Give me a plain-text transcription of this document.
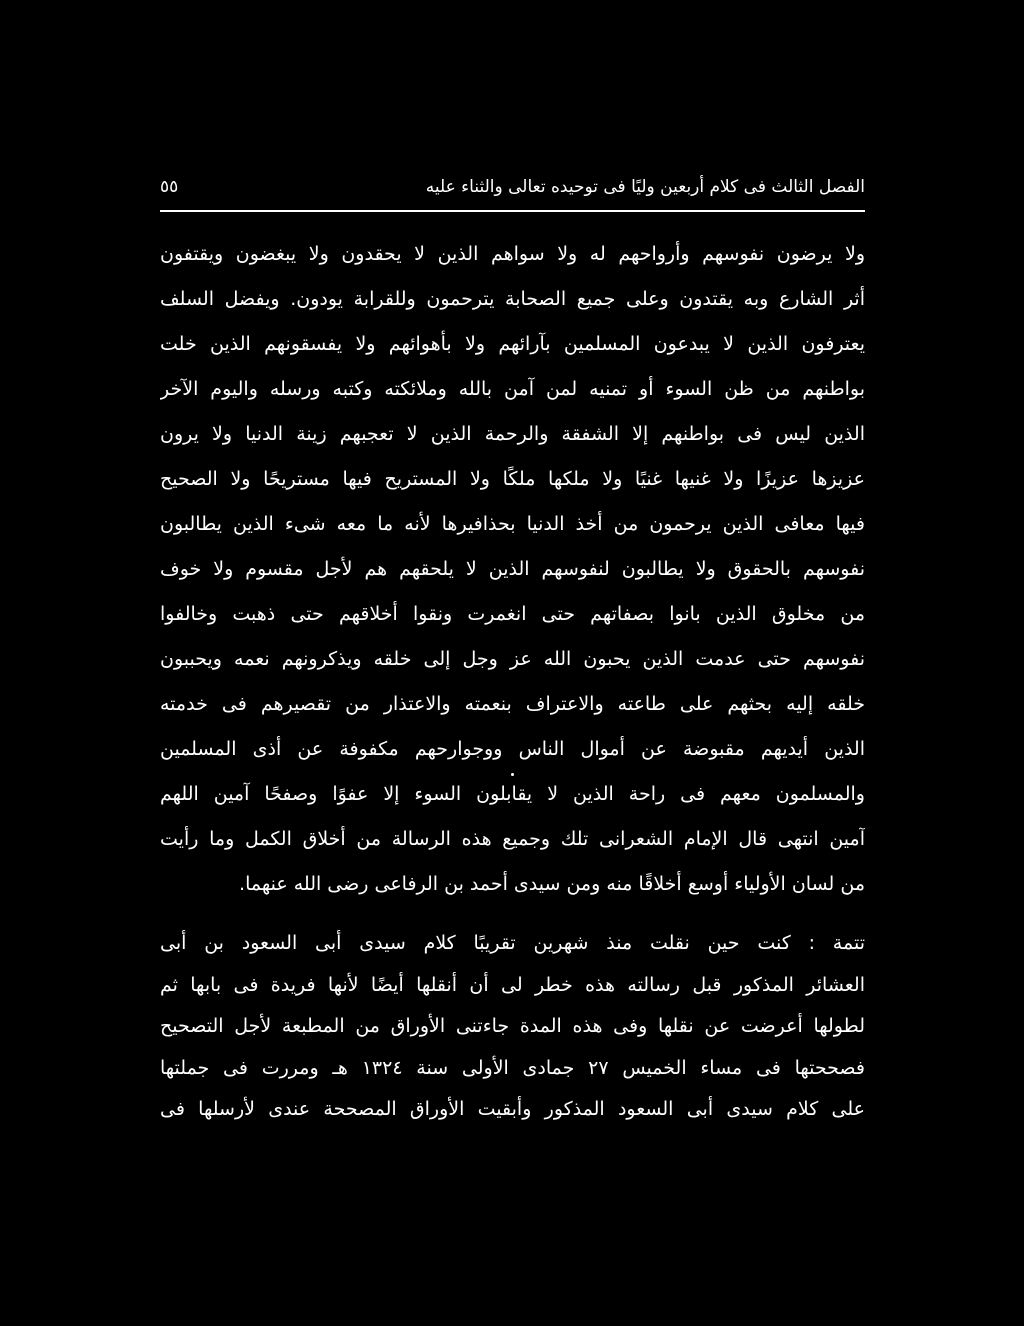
الفصل الثالث فى كلام أربعين وليًا فى توحيده تعالى والثناء عليه
٥٥
ولا يرضون نفوسهم وأرواحهم له ولا سواهم الذين لا يحقدون ولا يبغضون ويقتفون
أثر الشارع وبه يقتدون وعلى جميع الصحابة يترحمون وللقرابة يودون. ويفضل السلف
يعترفون الذين لا يبدعون المسلمين بآرائهم ولا بأهوائهم ولا يفسقونهم الذين خلت
بواطنهم من ظن السوء أو تمنيه لمن آمن بالله وملائكته وكتبه ورسله واليوم الآخر
الذين ليس فى بواطنهم إلا الشفقة والرحمة الذين لا تعجبهم زينة الدنيا ولا يرون
عزيزها عزيزًا ولا غنيها غنيًا ولا ملكها ملكًا ولا المستريح فيها مستريحًا ولا الصحيح
فيها معافى الذين يرحمون من أخذ الدنيا بحذافيرها لأنه ما معه شىء الذين يطالبون
نفوسهم بالحقوق ولا يطالبون لنفوسهم الذين لا يلحقهم هم لأجل مقسوم ولا خوف
من مخلوق الذين بانوا بصفاتهم حتى انغمرت ونقوا أخلاقهم حتى ذهبت وخالفوا
نفوسهم حتى عدمت الذين يحبون الله عز وجل إلى خلقه ويذكرونهم نعمه ويحببون
خلقه إليه بحثهم على طاعته والاعتراف بنعمته والاعتذار من تقصيرهم فى خدمته
الذين أيديهم مقبوضة عن أموال الناس ووجوارحهم مكفوفة عن أذى المسلمين
والمسلمون معهم فى راحة الذين لا يقابلون السوء إلا عفوًا وصفحًا آمين اللهم
آمين انتهى قال الإمام الشعرانى تلك وجميع هذه الرسالة من أخلاق الكمل وما رأيت
من لسان الأولياء أوسع أخلاقًا منه ومن سيدى أحمد بن الرفاعى رضى الله عنهما.
تتمة : كنت حين نقلت منذ شهرين تقريبًا كلام سيدى أبى السعود بن أبى
العشائر المذكور قبل رسالته هذه خطر لى أن أنقلها أيضًا لأنها فريدة فى بابها ثم
لطولها أعرضت عن نقلها وفى هذه المدة جاءتنى الأوراق من المطبعة لأجل التصحيح
فصححتها فى مساء الخميس ٢٧ جمادى الأولى سنة ١٣٢٤ هـ ومررت فى جملتها
على كلام سيدى أبى السعود المذكور وأبقيت الأوراق المصححة عندى لأرسلها فى
